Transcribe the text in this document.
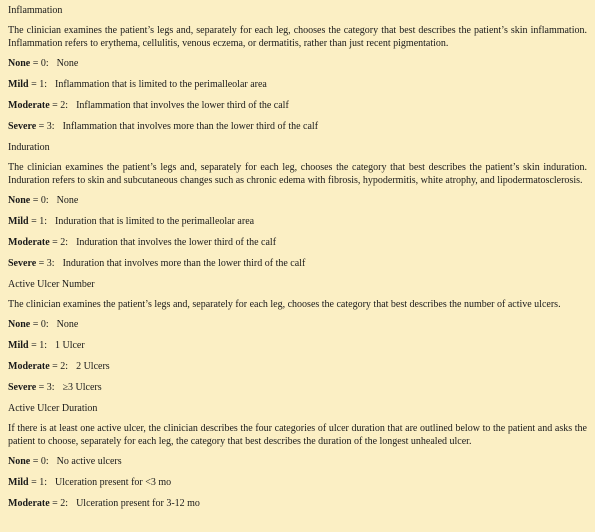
Inflammation
The clinician examines the patient’s legs and, separately for each leg, chooses the category that best describes the patient’s skin inflammation. Inflammation refers to erythema, cellulitis, venous eczema, or dermatitis, rather than just recent pigmentation.
None = 0: None
Mild = 1: Inflammation that is limited to the perimalleolar area
Moderate = 2: Inflammation that involves the lower third of the calf
Severe = 3: Inflammation that involves more than the lower third of the calf
Induration
The clinician examines the patient’s legs and, separately for each leg, chooses the category that best describes the patient’s skin induration. Induration refers to skin and subcutaneous changes such as chronic edema with fibrosis, hypodermitis, white atrophy, and lipodermatosclerosis.
None = 0: None
Mild = 1: Induration that is limited to the perimalleolar area
Moderate = 2: Induration that involves the lower third of the calf
Severe = 3: Induration that involves more than the lower third of the calf
Active Ulcer Number
The clinician examines the patient’s legs and, separately for each leg, chooses the category that best describes the number of active ulcers.
None = 0: None
Mild = 1: 1 Ulcer
Moderate = 2: 2 Ulcers
Severe = 3: ≥3 Ulcers
Active Ulcer Duration
If there is at least one active ulcer, the clinician describes the four categories of ulcer duration that are outlined below to the patient and asks the patient to choose, separately for each leg, the category that best describes the duration of the longest unhealed ulcer.
None = 0: No active ulcers
Mild = 1: Ulceration present for <3 mo
Moderate = 2: Ulceration present for 3-12 mo
